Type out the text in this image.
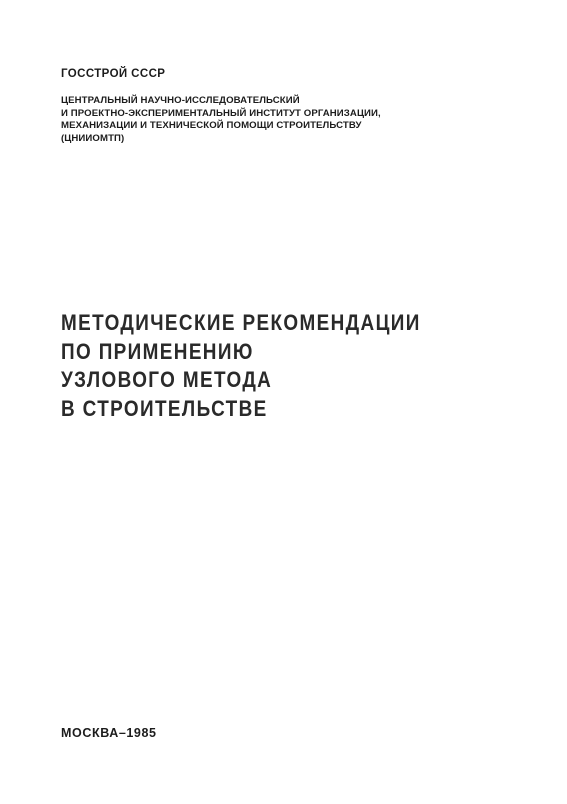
ГОССТРОЙ СССР
ЦЕНТРАЛЬНЫЙ НАУЧНО-ИССЛЕДОВАТЕЛЬСКИЙ
И ПРОЕКТНО-ЭКСПЕРИМЕНТАЛЬНЫЙ ИНСТИТУТ ОРГАНИЗАЦИИ,
МЕХАНИЗАЦИИ И ТЕХНИЧЕСКОЙ ПОМОЩИ СТРОИТЕЛЬСТВУ
(ЦНИИОМТП)
МЕТОДИЧЕСКИЕ РЕКОМЕНДАЦИИ
ПО ПРИМЕНЕНИЮ
УЗЛОВОГО МЕТОДА
В СТРОИТЕЛЬСТВЕ
МОСКВА–1985
